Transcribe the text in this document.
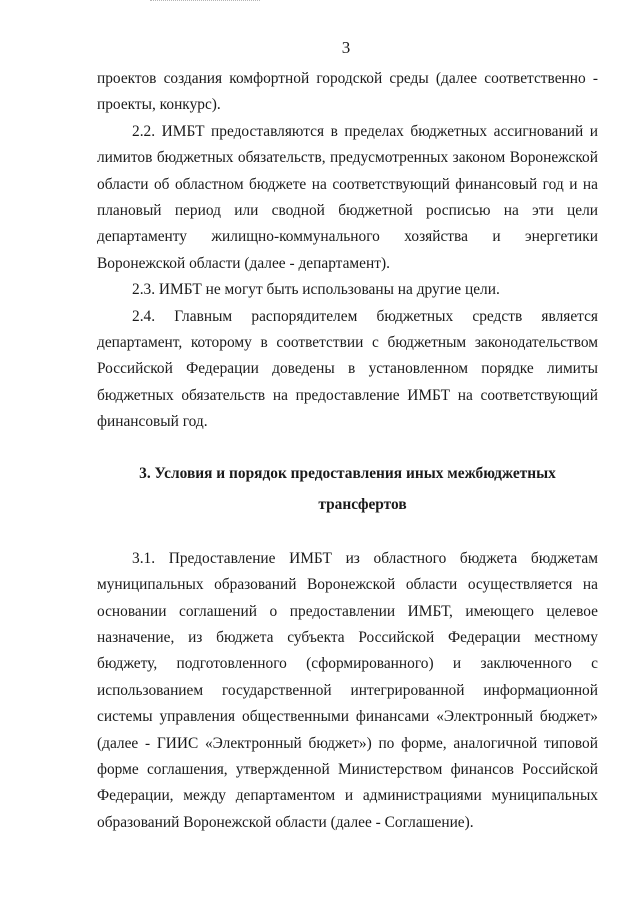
3

проектов создания комфортной городской среды (далее соответственно - проекты, конкурс).

2.2. ИМБТ предоставляются в пределах бюджетных ассигнований и лимитов бюджетных обязательств, предусмотренных законом Воронежской области об областном бюджете на соответствующий финансовый год и на плановый период или сводной бюджетной росписью на эти цели департаменту жилищно-коммунального хозяйства и энергетики Воронежской области (далее - департамент).

2.3. ИМБТ не могут быть использованы на другие цели.

2.4. Главным распорядителем бюджетных средств является департамент, которому в соответствии с бюджетным законодательством Российской Федерации доведены в установленном порядке лимиты бюджетных обязательств на предоставление ИМБТ на соответствующий финансовый год.

3. Условия и порядок предоставления иных межбюджетных
трансфертов

3.1. Предоставление ИМБТ из областного бюджета бюджетам муниципальных образований Воронежской области осуществляется на основании соглашений о предоставлении ИМБТ, имеющего целевое назначение, из бюджета субъекта Российской Федерации местному бюджету, подготовленного (сформированного) и заключенного с использованием государственной интегрированной информационной системы управления общественными финансами «Электронный бюджет» (далее - ГИИС «Электронный бюджет») по форме, аналогичной типовой форме соглашения, утвержденной Министерством финансов Российской Федерации, между департаментом и администрациями муниципальных образований Воронежской области (далее - Соглашение).
